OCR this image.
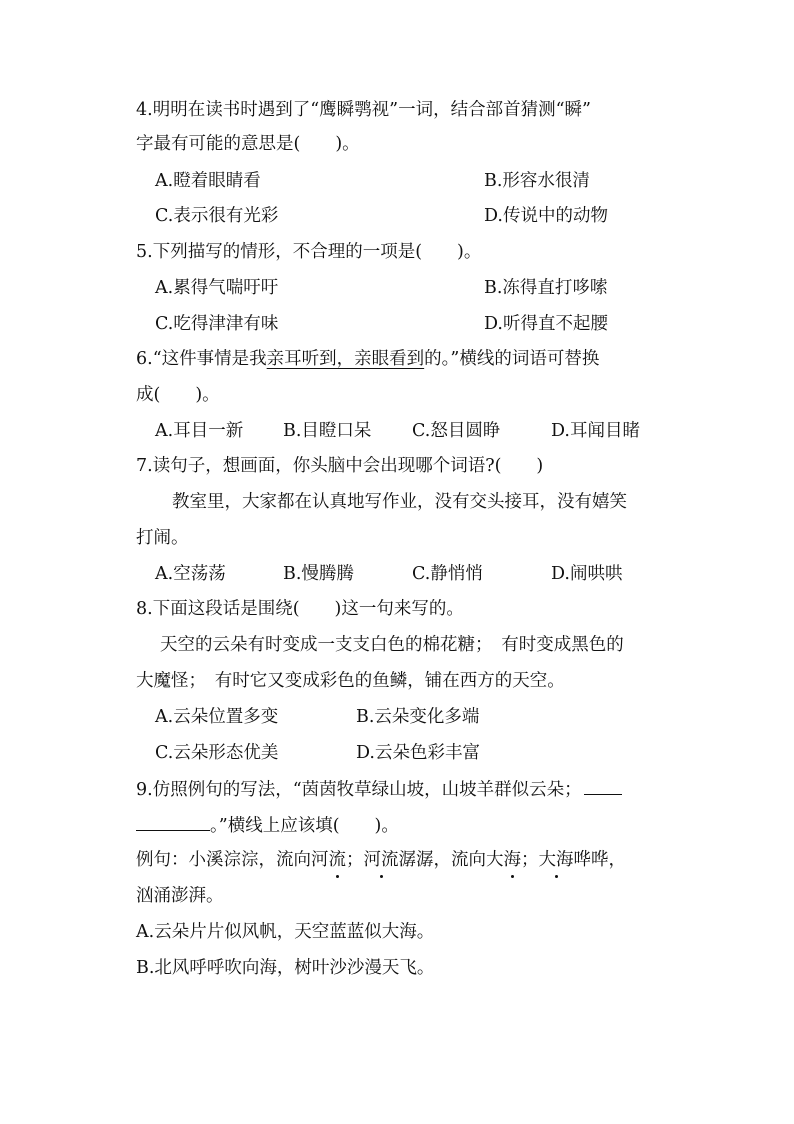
4.明明在读书时遇到了“鹰瞬鹗视”一词，结合部首猜测“瞬”
字最有可能的意思是(　　)。
A.瞪着眼睛看	B.形容水很清
C.表示很有光彩	D.传说中的动物
5.下列描写的情形，不合理的一项是(　　)。
A.累得气喘吁吁	B.冻得直打哆嗦
C.吃得津津有味	D.听得直不起腰
6.“这件事情是我亲耳听到，亲眼看到的。”横线的词语可替换
成(　　)。
A.耳目一新 B.目瞪口呆 C.怒目圆睁	D.耳闻目睹
7.读句子，想画面，你头脑中会出现哪个词语?(　　)
教室里，大家都在认真地写作业，没有交头接耳，没有嬉笑
打闹。
A.空荡荡	B.慢腾腾	C.静悄悄	D.闹哄哄
8.下面这段话是围绕(　　)这一句来写的。
天空的云朵有时变成一支支白色的棉花糖；　有时变成黑色的
大魔怪；　有时它又变成彩色的鱼鳞，铺在西方的天空。
A.云朵位置多变	B.云朵变化多端
C.云朵形态优美	D.云朵色彩丰富
9.仿照例句的写法，“茵茵牧草绿山坡，山坡羊群似云朵；
。”横线上应该填(　　)。
例句：小溪淙淙，流向河流；河流潺潺，流向大海；大海哗哗，
汹涌澎湃。
A.云朵片片似风帆，天空蓝蓝似大海。
B.北风呼呼吹向海，树叶沙沙漫天飞。
